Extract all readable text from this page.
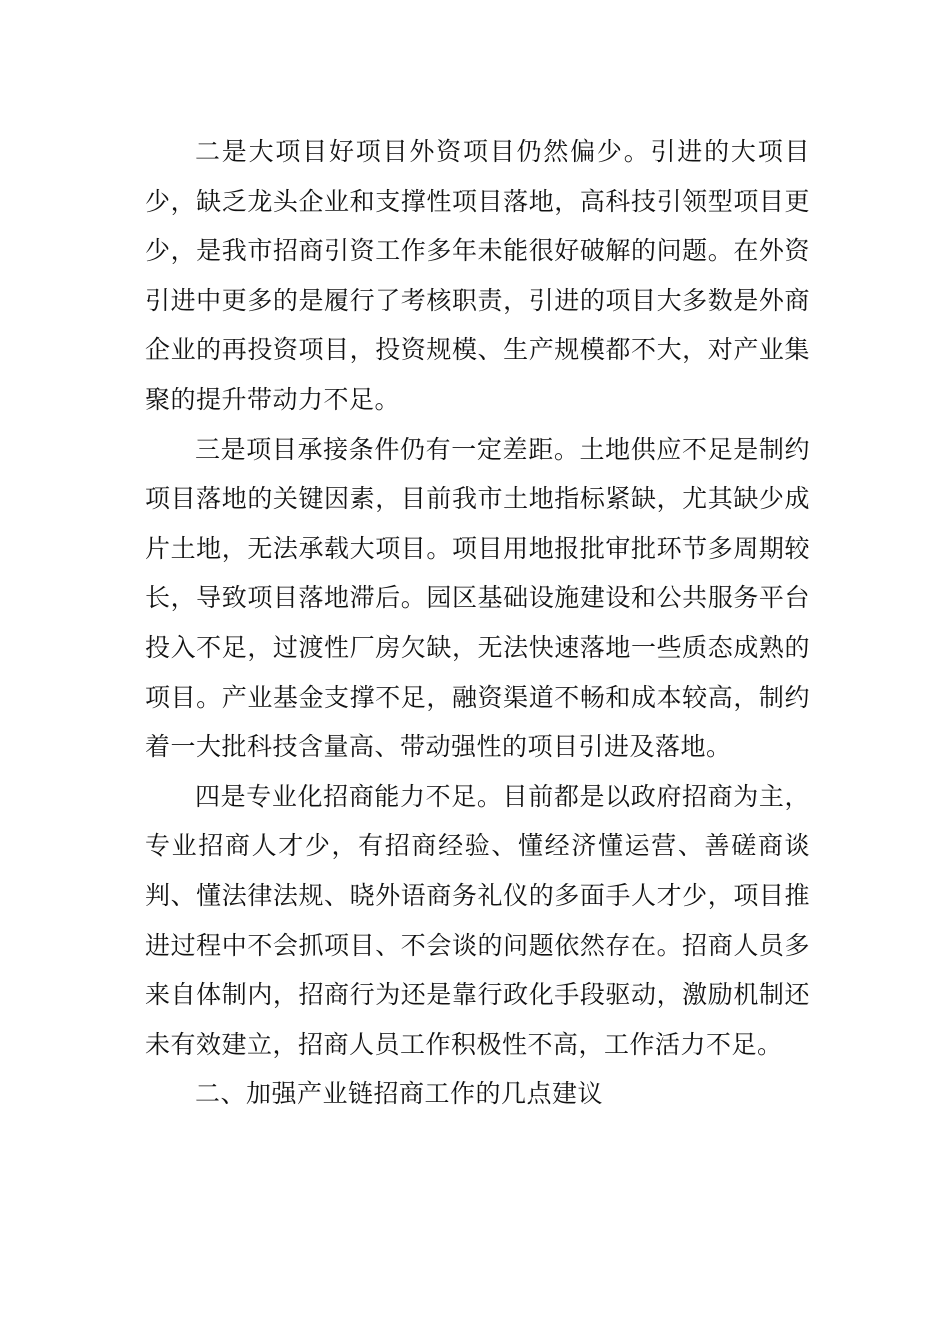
二是大项目好项目外资项目仍然偏少。引进的大项目少，缺乏龙头企业和支撑性项目落地，高科技引领型项目更少，是我市招商引资工作多年未能很好破解的问题。在外资引进中更多的是履行了考核职责，引进的项目大多数是外商企业的再投资项目，投资规模、生产规模都不大，对产业集聚的提升带动力不足。

三是项目承接条件仍有一定差距。土地供应不足是制约项目落地的关键因素，目前我市土地指标紧缺，尤其缺少成片土地，无法承载大项目。项目用地报批审批环节多周期较长，导致项目落地滞后。园区基础设施建设和公共服务平台投入不足，过渡性厂房欠缺，无法快速落地一些质态成熟的项目。产业基金支撑不足，融资渠道不畅和成本较高，制约着一大批科技含量高、带动强性的项目引进及落地。

四是专业化招商能力不足。目前都是以政府招商为主，专业招商人才少，有招商经验、懂经济懂运营、善磋商谈判、懂法律法规、晓外语商务礼仪的多面手人才少，项目推进过程中不会抓项目、不会谈的问题依然存在。招商人员多来自体制内，招商行为还是靠行政化手段驱动，激励机制还未有效建立，招商人员工作积极性不高，工作活力不足。

二、加强产业链招商工作的几点建议
